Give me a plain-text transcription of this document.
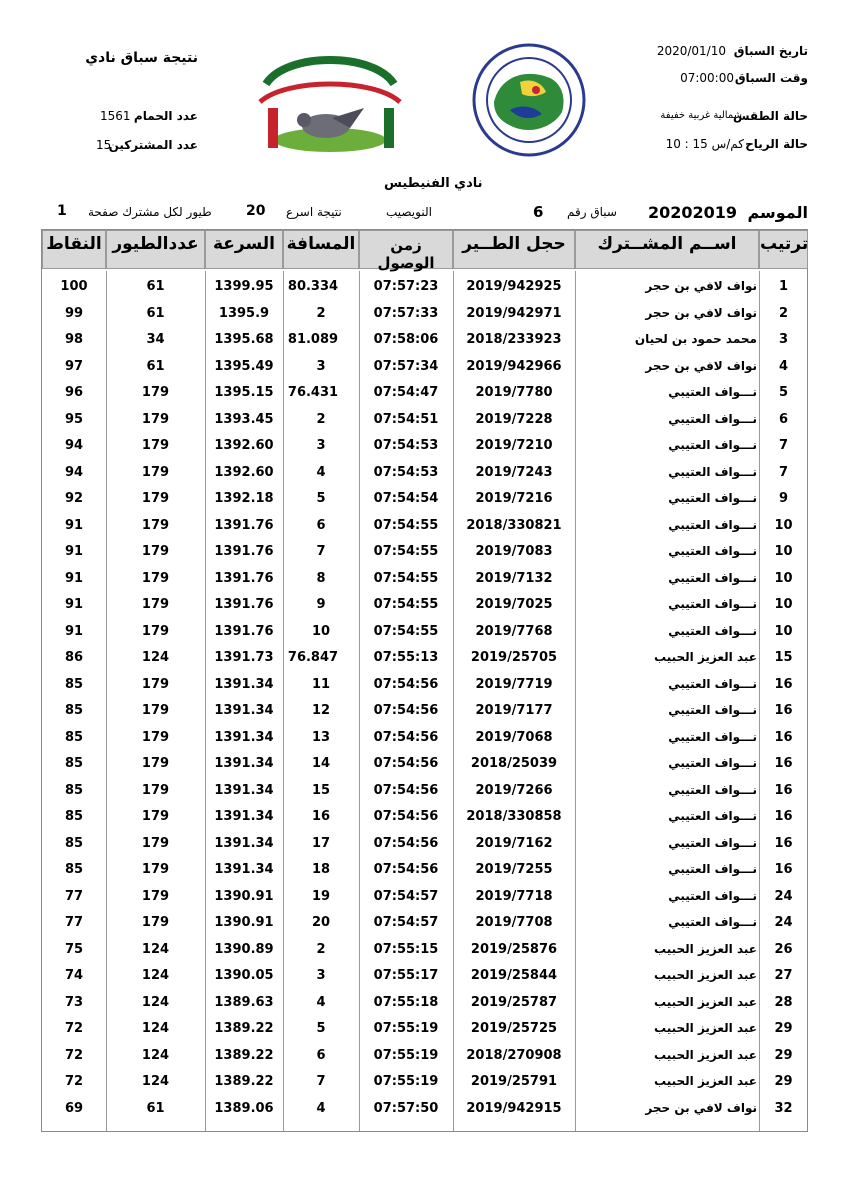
تاريخ السباق
2020/01/10
وقت السباق
07:00:00
حالة الطقس
شمالية غربية خفيفة
حالة الرياح
10 : 15 كم/س
نتيجة سباق نادي
عدد الحمام
1561
عدد المشتركين
15
نادي الفنيطيس
الموسم
20202019
سباق رقم
6
النويصيب
نتيجة اسرع
20
طيور لكل مشترك صفحة
1
ترتيب
اســم المشــترك
حجل الطــير
زمن الوصول
المسافة
السرعة
عددالطيور
النقاط
1
نواف لافي بن حجر
2019/942925
07:57:23
80.334
1399.95
61
100
2
نواف لافي بن حجر
2019/942971
07:57:33
2
1395.9
61
99
3
محمد حمود بن لحيان
2018/233923
07:58:06
81.089
1395.68
34
98
4
نواف لافي بن حجر
2019/942966
07:57:34
3
1395.49
61
97
5
نـــواف العتيبي
2019/7780
07:54:47
76.431
1395.15
179
96
6
نـــواف العتيبي
2019/7228
07:54:51
2
1393.45
179
95
7
نـــواف العتيبي
2019/7210
07:54:53
3
1392.60
179
94
7
نـــواف العتيبي
2019/7243
07:54:53
4
1392.60
179
94
9
نـــواف العتيبي
2019/7216
07:54:54
5
1392.18
179
92
10
نـــواف العتيبي
2018/330821
07:54:55
6
1391.76
179
91
10
نـــواف العتيبي
2019/7083
07:54:55
7
1391.76
179
91
10
نـــواف العتيبي
2019/7132
07:54:55
8
1391.76
179
91
10
نـــواف العتيبي
2019/7025
07:54:55
9
1391.76
179
91
10
نـــواف العتيبي
2019/7768
07:54:55
10
1391.76
179
91
15
عبد العزيز الحبيب
2019/25705
07:55:13
76.847
1391.73
124
86
16
نـــواف العتيبي
2019/7719
07:54:56
11
1391.34
179
85
16
نـــواف العتيبي
2019/7177
07:54:56
12
1391.34
179
85
16
نـــواف العتيبي
2019/7068
07:54:56
13
1391.34
179
85
16
نـــواف العتيبي
2018/25039
07:54:56
14
1391.34
179
85
16
نـــواف العتيبي
2019/7266
07:54:56
15
1391.34
179
85
16
نـــواف العتيبي
2018/330858
07:54:56
16
1391.34
179
85
16
نـــواف العتيبي
2019/7162
07:54:56
17
1391.34
179
85
16
نـــواف العتيبي
2019/7255
07:54:56
18
1391.34
179
85
24
نـــواف العتيبي
2019/7718
07:54:57
19
1390.91
179
77
24
نـــواف العتيبي
2019/7708
07:54:57
20
1390.91
179
77
26
عبد العزيز الحبيب
2019/25876
07:55:15
2
1390.89
124
75
27
عبد العزيز الحبيب
2019/25844
07:55:17
3
1390.05
124
74
28
عبد العزيز الحبيب
2019/25787
07:55:18
4
1389.63
124
73
29
عبد العزيز الحبيب
2019/25725
07:55:19
5
1389.22
124
72
29
عبد العزيز الحبيب
2018/270908
07:55:19
6
1389.22
124
72
29
عبد العزيز الحبيب
2019/25791
07:55:19
7
1389.22
124
72
32
نواف لافي بن حجر
2019/942915
07:57:50
4
1389.06
61
69
